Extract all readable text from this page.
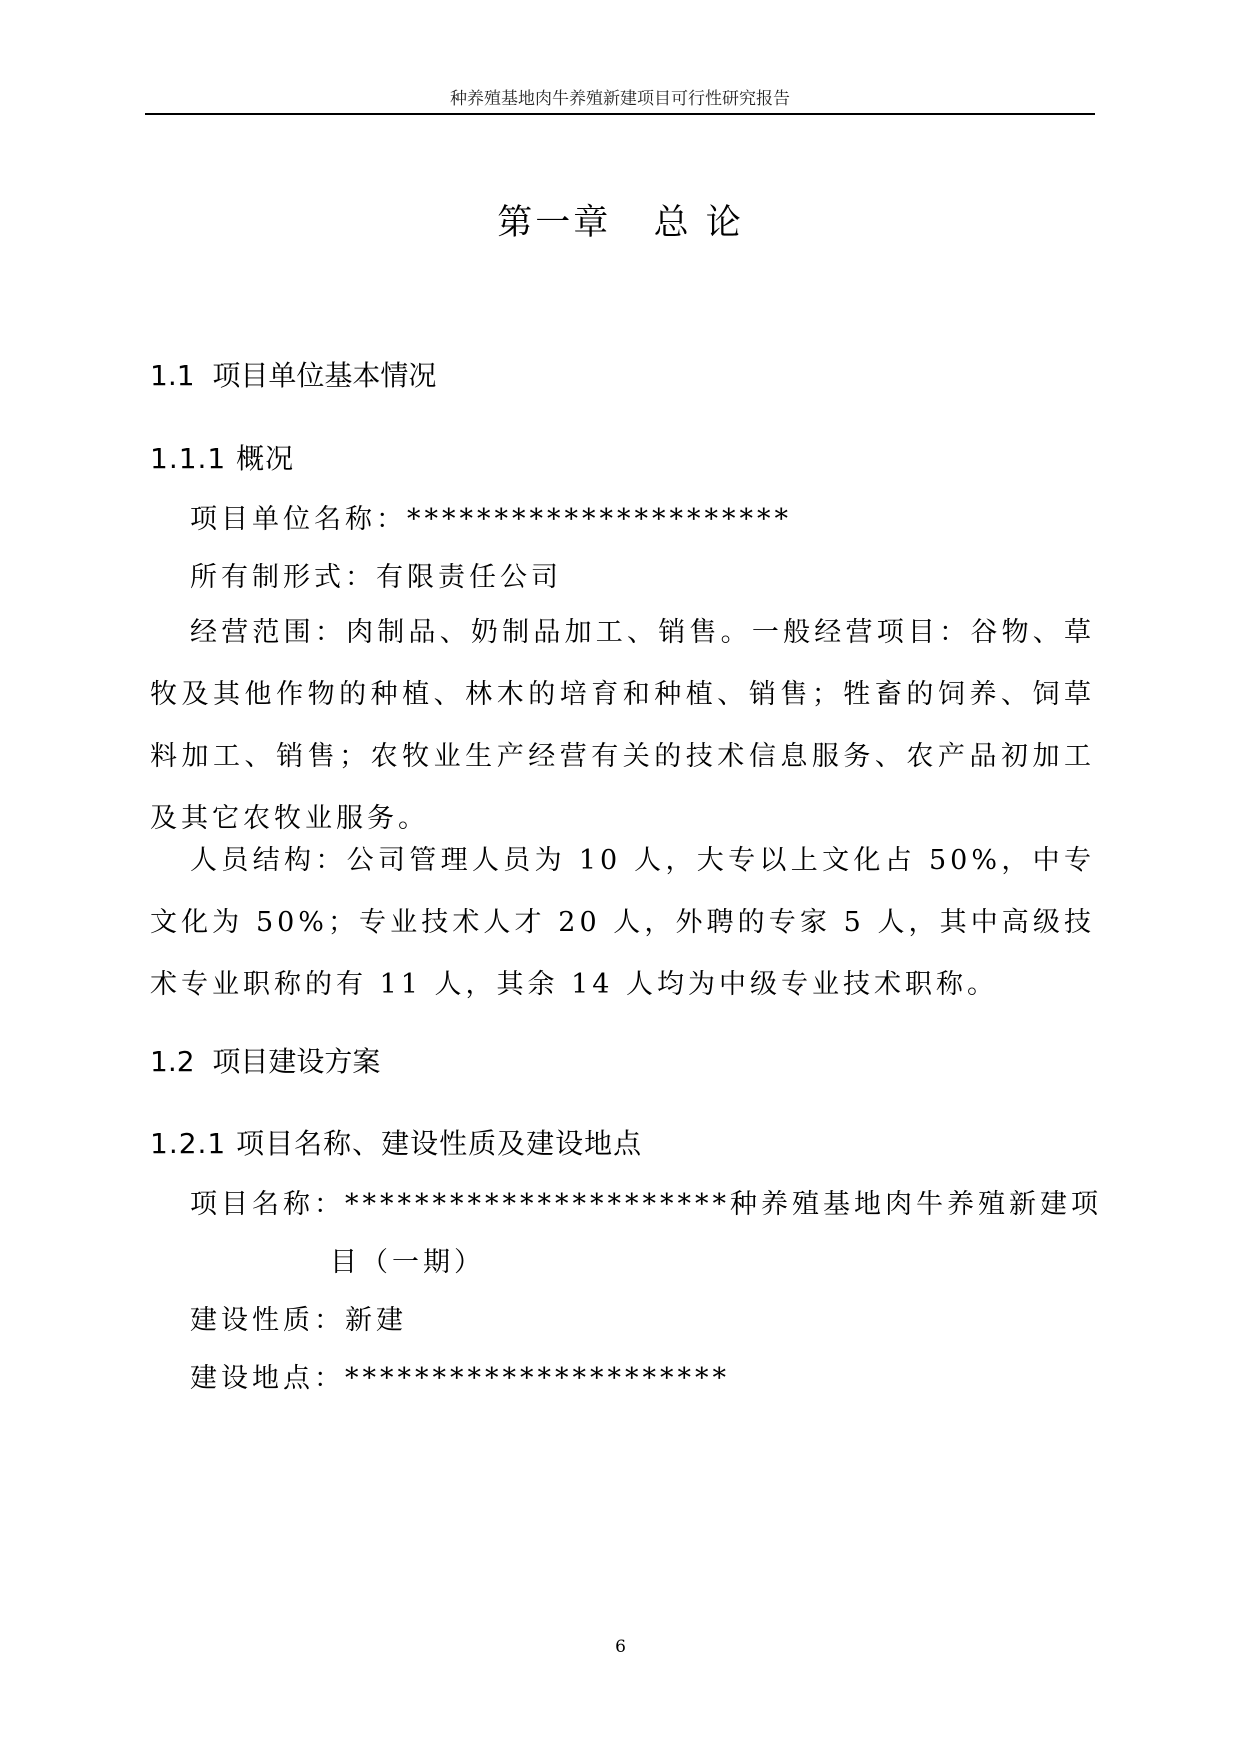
种养殖基地肉牛养殖新建项目可行性研究报告
第一章   总 论
1.1  项目单位基本情况
1.1.1 概况
项目单位名称：**********************
所有制形式：有限责任公司
经营范围：肉制品、奶制品加工、销售。一般经营项目：谷物、草牧及其他作物的种植、林木的培育和种植、销售；牲畜的饲养、饲草料加工、销售；农牧业生产经营有关的技术信息服务、农产品初加工及其它农牧业服务。
人员结构：公司管理人员为 10 人，大专以上文化占 50%，中专文化为 50%；专业技术人才 20 人，外聘的专家 5 人，其中高级技术专业职称的有 11 人，其余 14 人均为中级专业技术职称。
1.2  项目建设方案
1.2.1 项目名称、建设性质及建设地点
项目名称：**********************种养殖基地肉牛养殖新建项
目（一期）
建设性质：新建
建设地点：**********************
6
